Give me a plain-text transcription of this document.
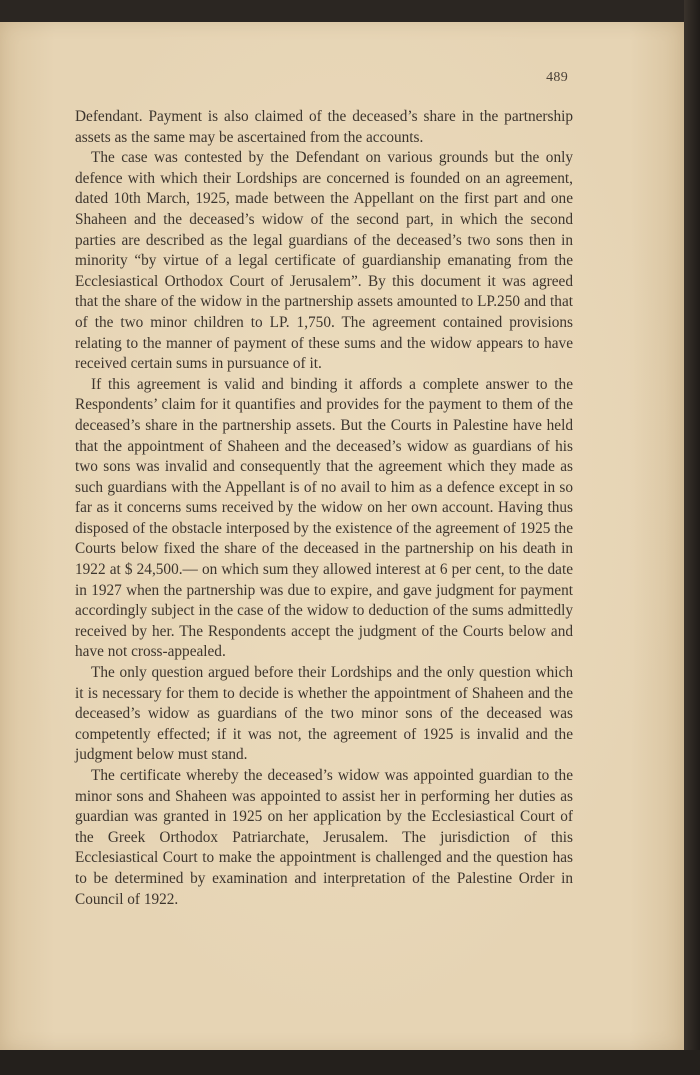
489

Defendant. Payment is also claimed of the deceased’s share in the partnership assets as the same may be ascertained from the accounts.

The case was contested by the Defendant on various grounds but the only defence with which their Lordships are concerned is founded on an agreement, dated 10th March, 1925, made between the Appellant on the first part and one Shaheen and the deceased’s widow of the second part, in which the second parties are described as the legal guardians of the deceased’s two sons then in minority “by virtue of a legal certificate of guardianship emanating from the Ecclesiastical Orthodox Court of Jerusalem”. By this document it was agreed that the share of the widow in the partnership assets amounted to LP.250 and that of the two minor children to LP. 1,750. The agreement contained provisions relating to the manner of payment of these sums and the widow appears to have received certain sums in pursuance of it.

If this agreement is valid and binding it affords a complete answer to the Respondents’ claim for it quantifies and provides for the payment to them of the deceased’s share in the partnership assets. But the Courts in Palestine have held that the appointment of Shaheen and the deceased’s widow as guardians of his two sons was invalid and consequently that the agreement which they made as such guardians with the Appellant is of no avail to him as a defence except in so far as it concerns sums received by the widow on her own account. Having thus disposed of the obstacle interposed by the existence of the agreement of 1925 the Courts below fixed the share of the deceased in the partnership on his death in 1922 at $ 24,500.— on which sum they allowed interest at 6 per cent, to the date in 1927 when the partnership was due to expire, and gave judgment for payment accordingly subject in the case of the widow to deduction of the sums admittedly received by her. The Respondents accept the judgment of the Courts below and have not cross-appealed.

The only question argued before their Lordships and the only question which it is necessary for them to decide is whether the appointment of Shaheen and the deceased’s widow as guardians of the two minor sons of the deceased was competently effected; if it was not, the agreement of 1925 is invalid and the judgment below must stand.

The certificate whereby the deceased’s widow was appointed guardian to the minor sons and Shaheen was appointed to assist her in performing her duties as guardian was granted in 1925 on her application by the Ecclesiastical Court of the Greek Orthodox Patriarchate, Jerusalem. The jurisdiction of this Ecclesiastical Court to make the appointment is challenged and the question has to be determined by examination and interpretation of the Palestine Order in Council of 1922.
